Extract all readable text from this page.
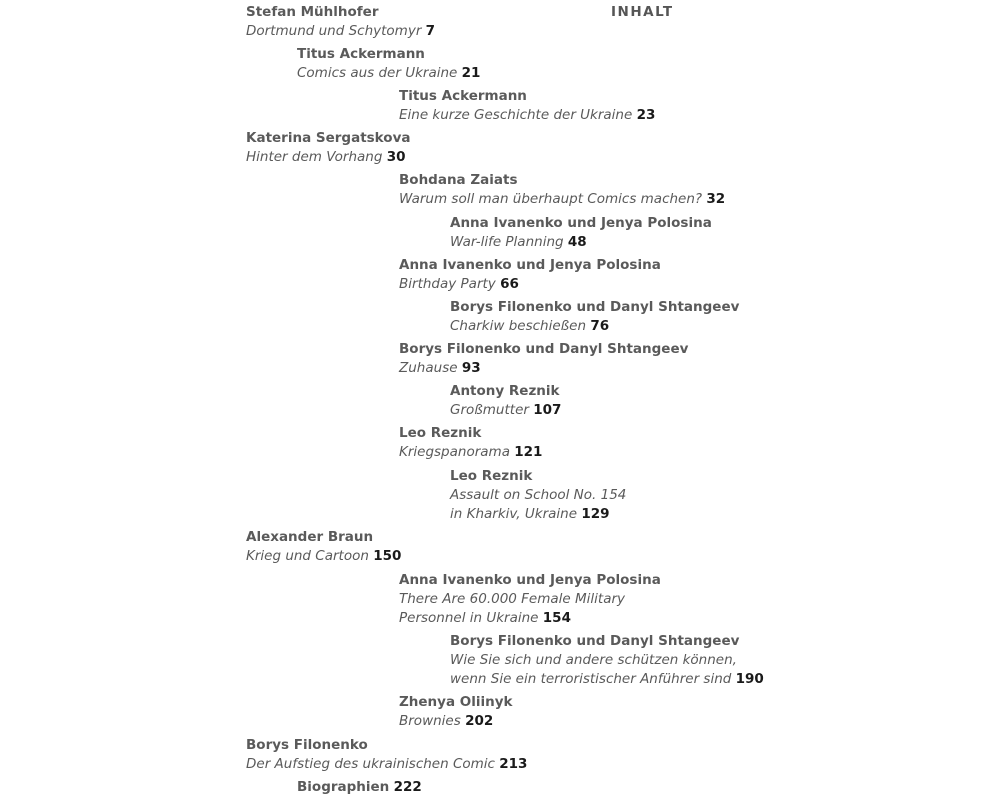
INHALT
Stefan Mühlhofer
Dortmund und Schytomyr 7
Titus Ackermann
Comics aus der Ukraine 21
Titus Ackermann
Eine kurze Geschichte der Ukraine 23
Katerina Sergatskova
Hinter dem Vorhang 30
Bohdana Zaiats
Warum soll man überhaupt Comics machen? 32
Anna Ivanenko und Jenya Polosina
War-life Planning 48
Anna Ivanenko und Jenya Polosina
Birthday Party 66
Borys Filonenko und Danyl Shtangeev
Charkiw beschießen 76
Borys Filonenko und Danyl Shtangeev
Zuhause 93
Antony Reznik
Großmutter 107
Leo Reznik
Kriegspanorama 121
Leo Reznik
Assault on School No. 154
in Kharkiv, Ukraine 129
Alexander Braun
Krieg und Cartoon 150
Anna Ivanenko und Jenya Polosina
There Are 60.000 Female Military
Personnel in Ukraine 154
Borys Filonenko und Danyl Shtangeev
Wie Sie sich und andere schützen können,
wenn Sie ein terroristischer Anführer sind 190
Zhenya Oliinyk
Brownies 202
Borys Filonenko
Der Aufstieg des ukrainischen Comic 213
Biographien 222
